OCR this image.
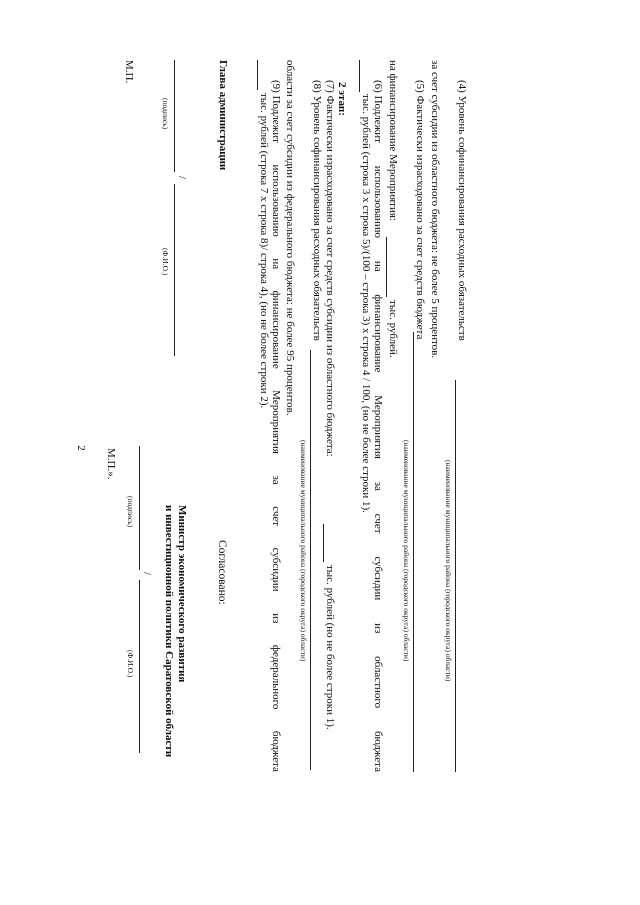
2
(4) Уровень софинансирования расходных обязательств
(наименование муниципального района (городского округа) области)
за счет субсидии из областного бюджета: не более 5 процентов.
(5) Фактически израсходовано за счет средств бюджета
(наименование муниципального района (городского округа) области)
на финансирование Мероприятия:
тыс. рублей.
(6) Подлежит
использованию
на
финансирование
Мероприятия
за
счет
субсидии
из
областного
бюджета
тыс. рублей (строка 3 х строка 5)/(100 – строка 3) х строка 4 / 100, (но не более строки 1).
2 этап:
(7) Фактически израсходовано за счет средств субсидии из областного бюджета:
тыс. рублей (но не более строки 1).
(8) Уровень софинансирования расходных обязательств
(наименование муниципального района (городского округа) области)
области за счет субсидии из федерального бюджета: не более 95 процентов.
(9) Подлежит
использованию
на
финансирование
Мероприятия
за
счет
субсидии
из
федерального
бюджета
тыс. рублей (строка 7 х строка 8)/ строка 4), (но не более строки 2).
Глава администрации
/
(подпись)
(Ф.И.О.)
М.П.
Согласовано:
Министр экономического развития
и инвестиционной политики Саратовской области
/
(подпись)
(Ф.И.О.)
М.П.».
